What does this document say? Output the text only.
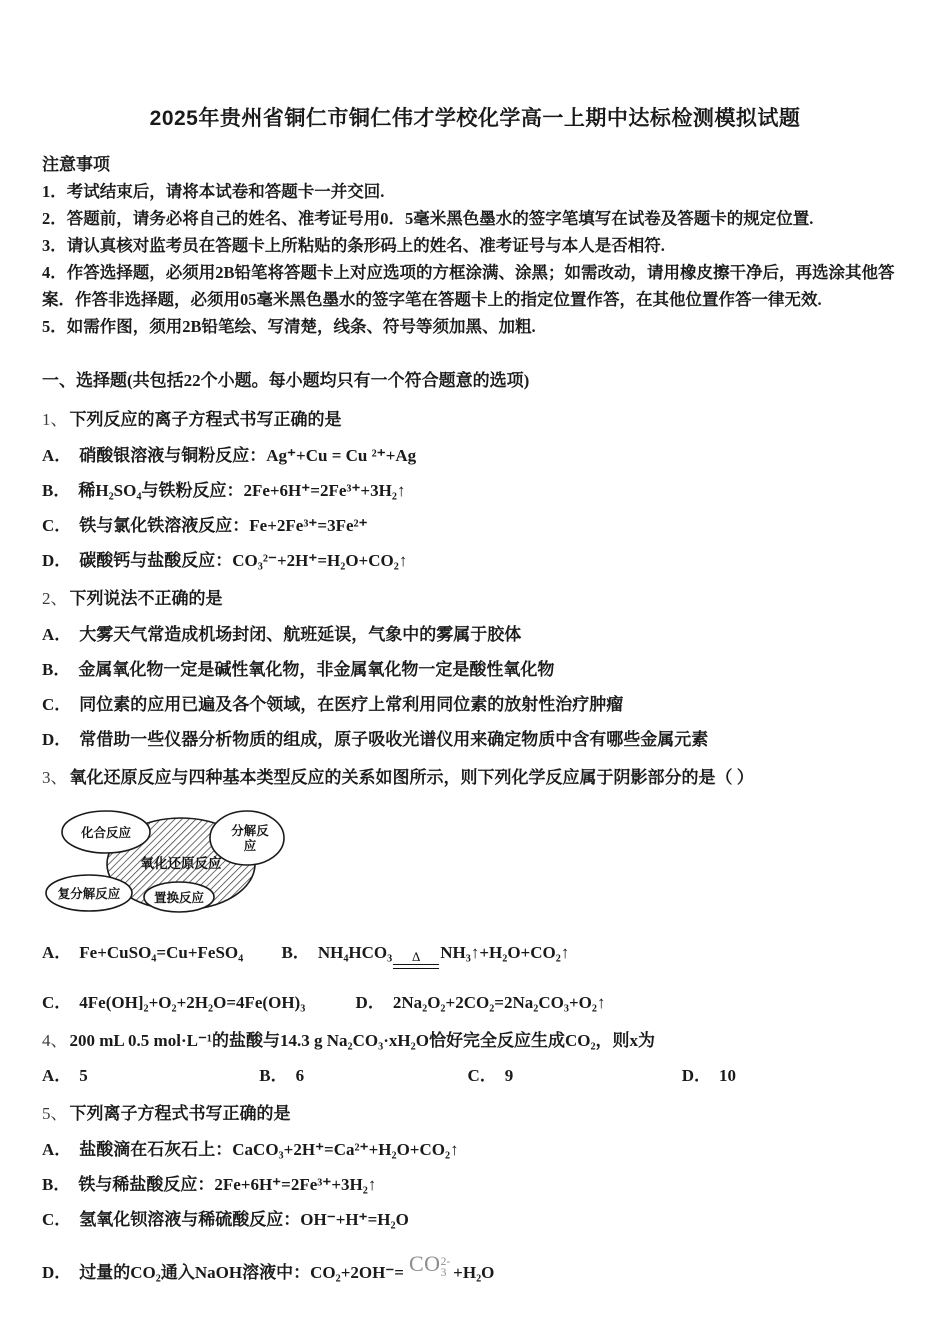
2025年贵州省铜仁市铜仁伟才学校化学高一上期中达标检测模拟试题
注意事项
1．考试结束后，请将本试卷和答题卡一并交回.
2．答题前，请务必将自己的姓名、准考证号用0．5毫米黑色墨水的签字笔填写在试卷及答题卡的规定位置.
3．请认真核对监考员在答题卡上所粘贴的条形码上的姓名、准考证号与本人是否相符.
4．作答选择题，必须用2B铅笔将答题卡上对应选项的方框涂满、涂黑；如需改动，请用橡皮擦干净后，再选涂其他答案．作答非选择题，必须用05毫米黑色墨水的签字笔在答题卡上的指定位置作答，在其他位置作答一律无效.
5．如需作图，须用2B铅笔绘、写清楚，线条、符号等须加黑、加粗.
一、选择题(共包括22个小题。每小题均只有一个符合题意的选项)
1、 下列反应的离子方程式书写正确的是
A． 硝酸银溶液与铜粉反应：Ag⁺+Cu = Cu ²⁺+Ag
B． 稀H₂SO₄与铁粉反应：2Fe+6H⁺=2Fe³⁺+3H₂↑
C． 铁与氯化铁溶液反应：Fe+2Fe³⁺=3Fe²⁺
D． 碳酸钙与盐酸反应：CO₃²⁻+2H⁺=H₂O+CO₂↑
2、 下列说法不正确的是
A． 大雾天气常造成机场封闭、航班延误，气象中的雾属于胶体
B． 金属氧化物一定是碱性氧化物，非金属氧化物一定是酸性氧化物
C． 同位素的应用已遍及各个领域，在医疗上常利用同位素的放射性治疗肿瘤
D． 常借助一些仪器分析物质的组成，原子吸收光谱仪用来确定物质中含有哪些金属元素
3、 氧化还原反应与四种基本类型反应的关系如图所示，则下列化学反应属于阴影部分的是（ ）
化合反应	分解反
应
氧化还原反应
复分解反应	置换反应
A． Fe+CuSO₄=Cu+FeSO₄ B． NH₄HCO₃	Δ	NH₃↑+H₂O+CO₂↑
C． 4Fe(OH]₂+O₂+2H₂O=4Fe(OH)₃	D． 2Na₂O₂+2CO₂=2Na₂CO₃+O₂↑
4、 200 mL 0.5 mol·L⁻¹的盐酸与14.3 g Na₂CO₃·xH₂O恰好完全反应生成CO₂，则x为
A． 5	B． 6	C． 9	D． 10
5、 下列离子方程式书写正确的是
A． 盐酸滴在石灰石上：CaCO₃+2H⁺=Ca²⁺+H₂O+CO₂↑
B． 铁与稀盐酸反应：2Fe+6H⁺=2Fe³⁺+3H₂↑
C． 氢氧化钡溶液与稀硫酸反应：OH⁻+H⁺=H₂O
D． 过量的CO₂通入NaOH溶液中：CO₂+2OH⁻= CO 2-
3 +H₂O
